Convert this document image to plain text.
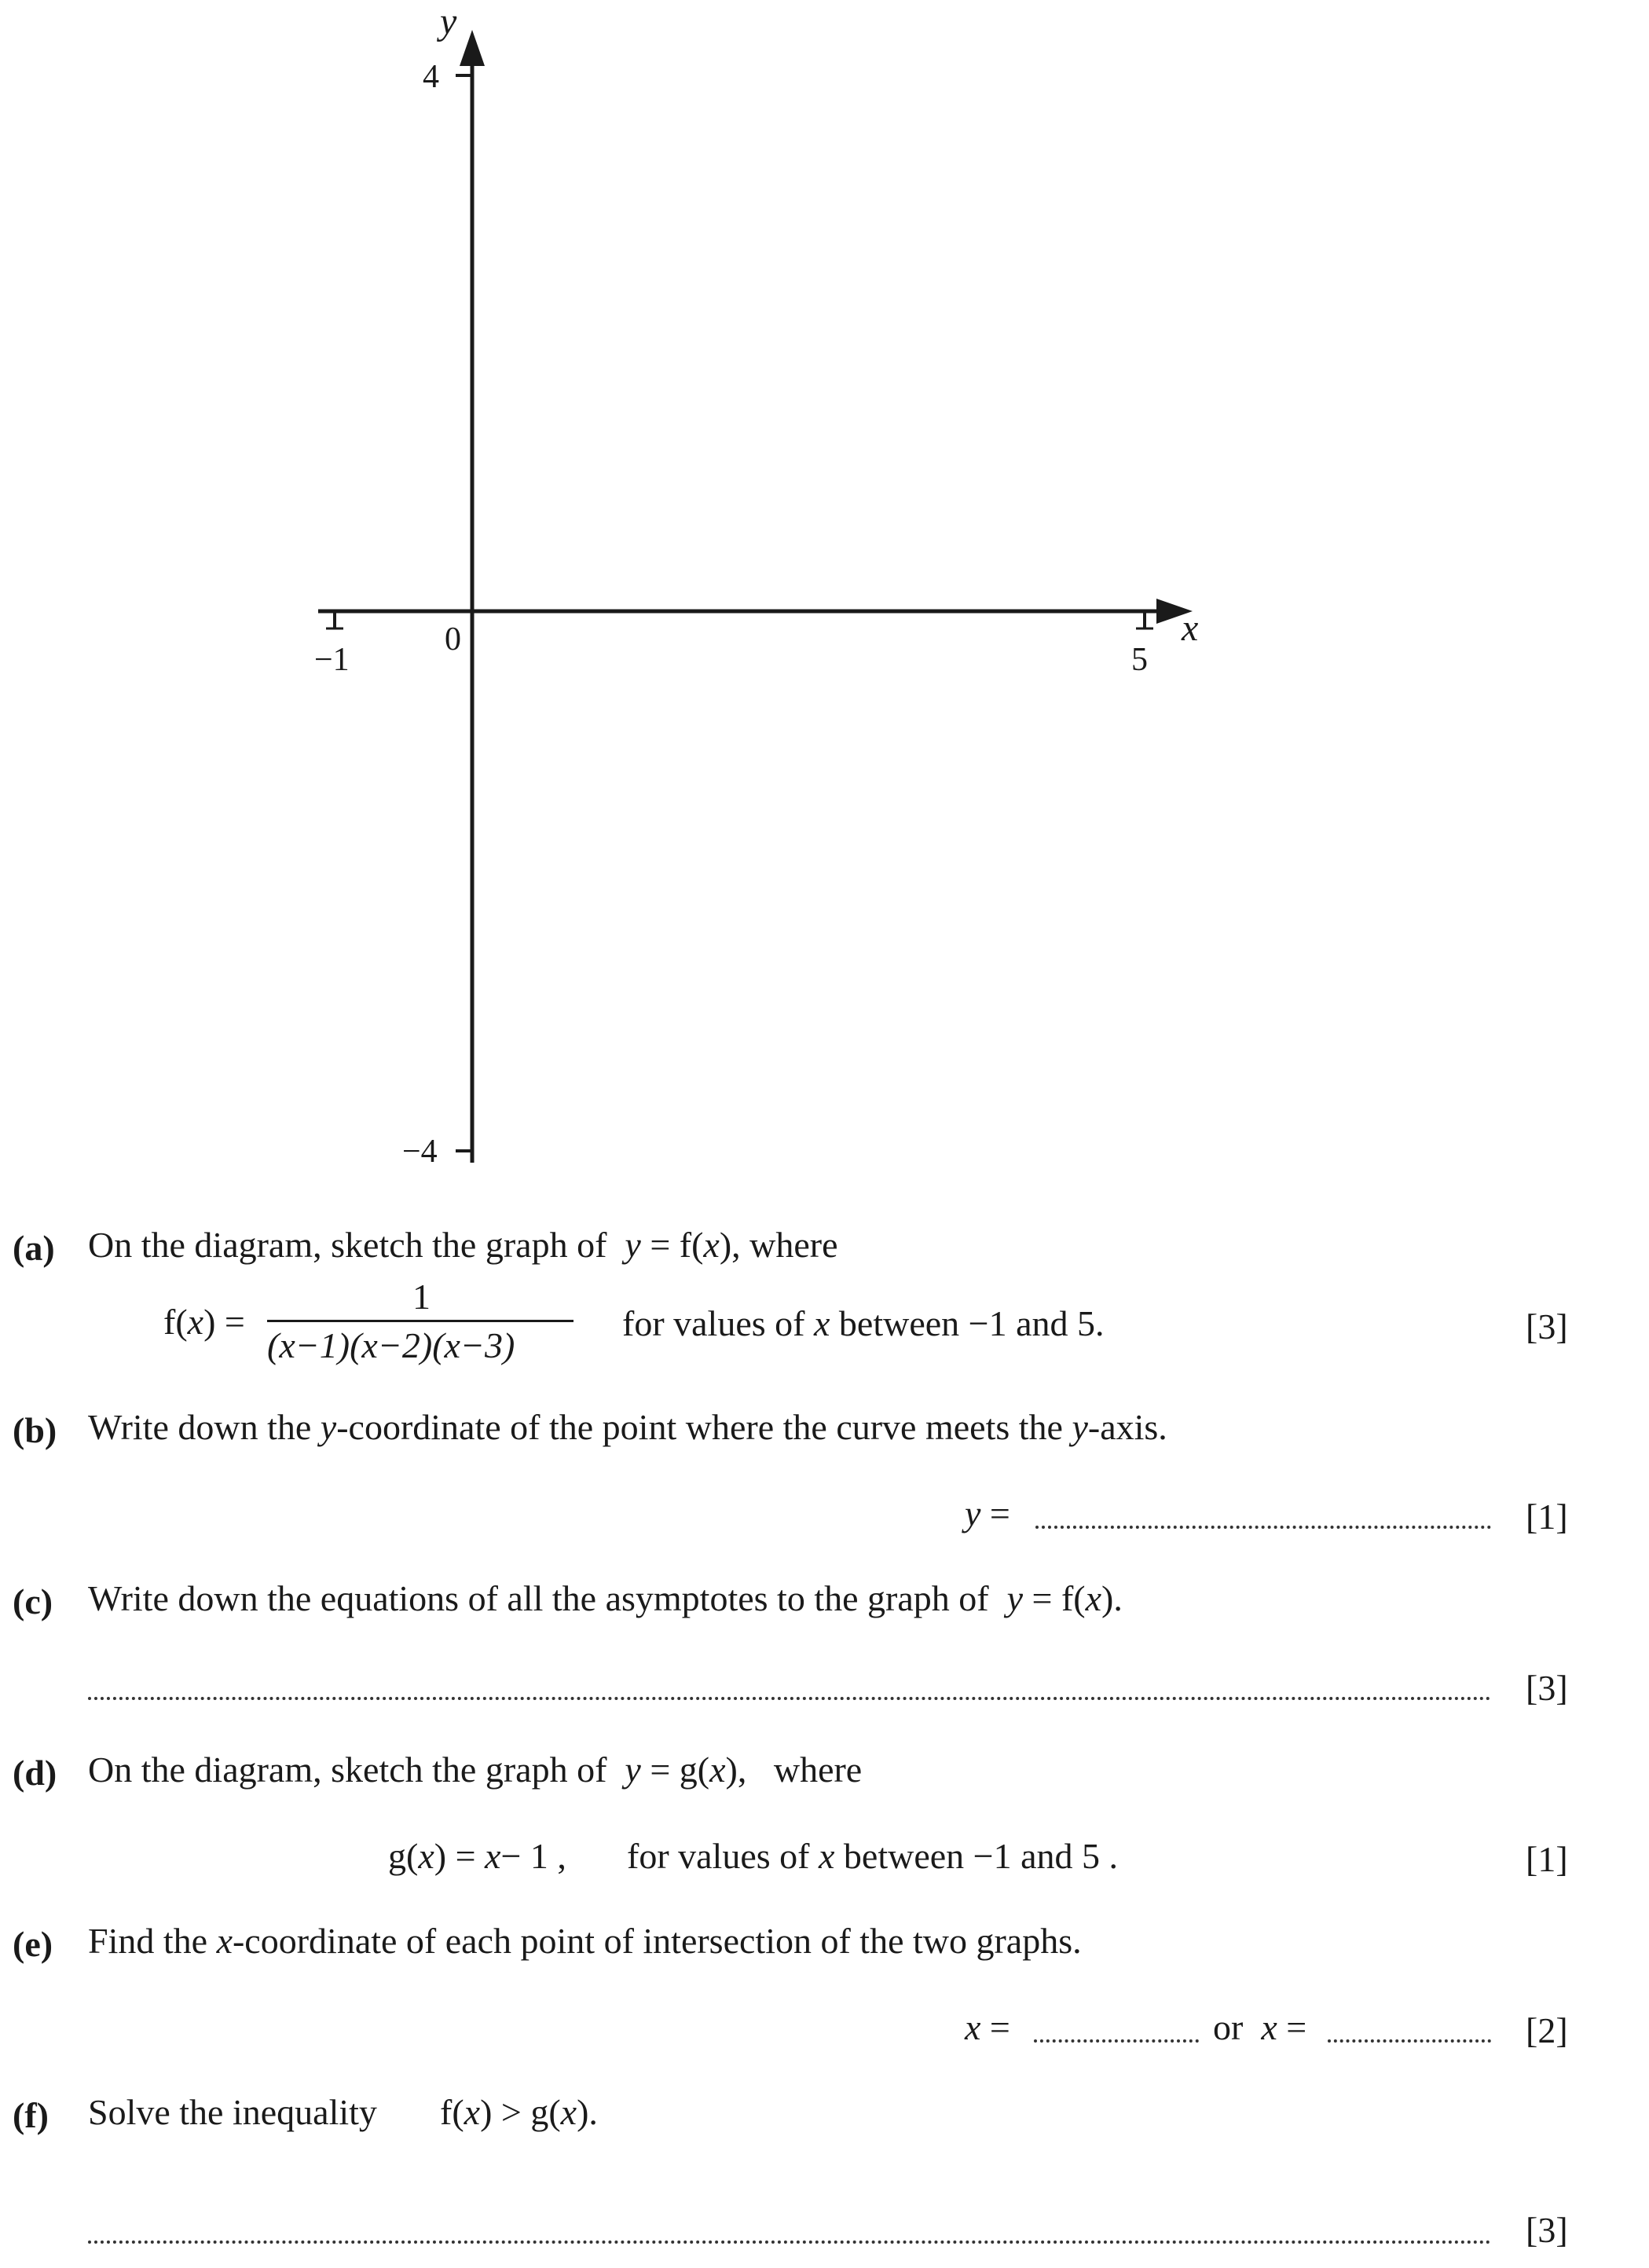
y
4
−4
−1	5
0	x
(a) On the diagram, sketch the graph of y = f(x), where
f(x) =
1
(x−1)(x−2)(x−3)
for values of x between −1 and 5.	[3]
(b) Write down the y-coordinate of the point where the curve meets the y-axis.
y =	[1]
(c) Write down the equations of all the asymptotes to the graph of y = f(x).
[3]
(d) On the diagram, sketch the graph of y = g(x), where
g(x) = x− 1 , for values of x between −1 and 5 .	[1]
(e) Find the x-coordinate of each point of intersection of the two graphs.
x =	or x =	[2]
(f) Solve the inequality f(x) > g(x).
[3]
